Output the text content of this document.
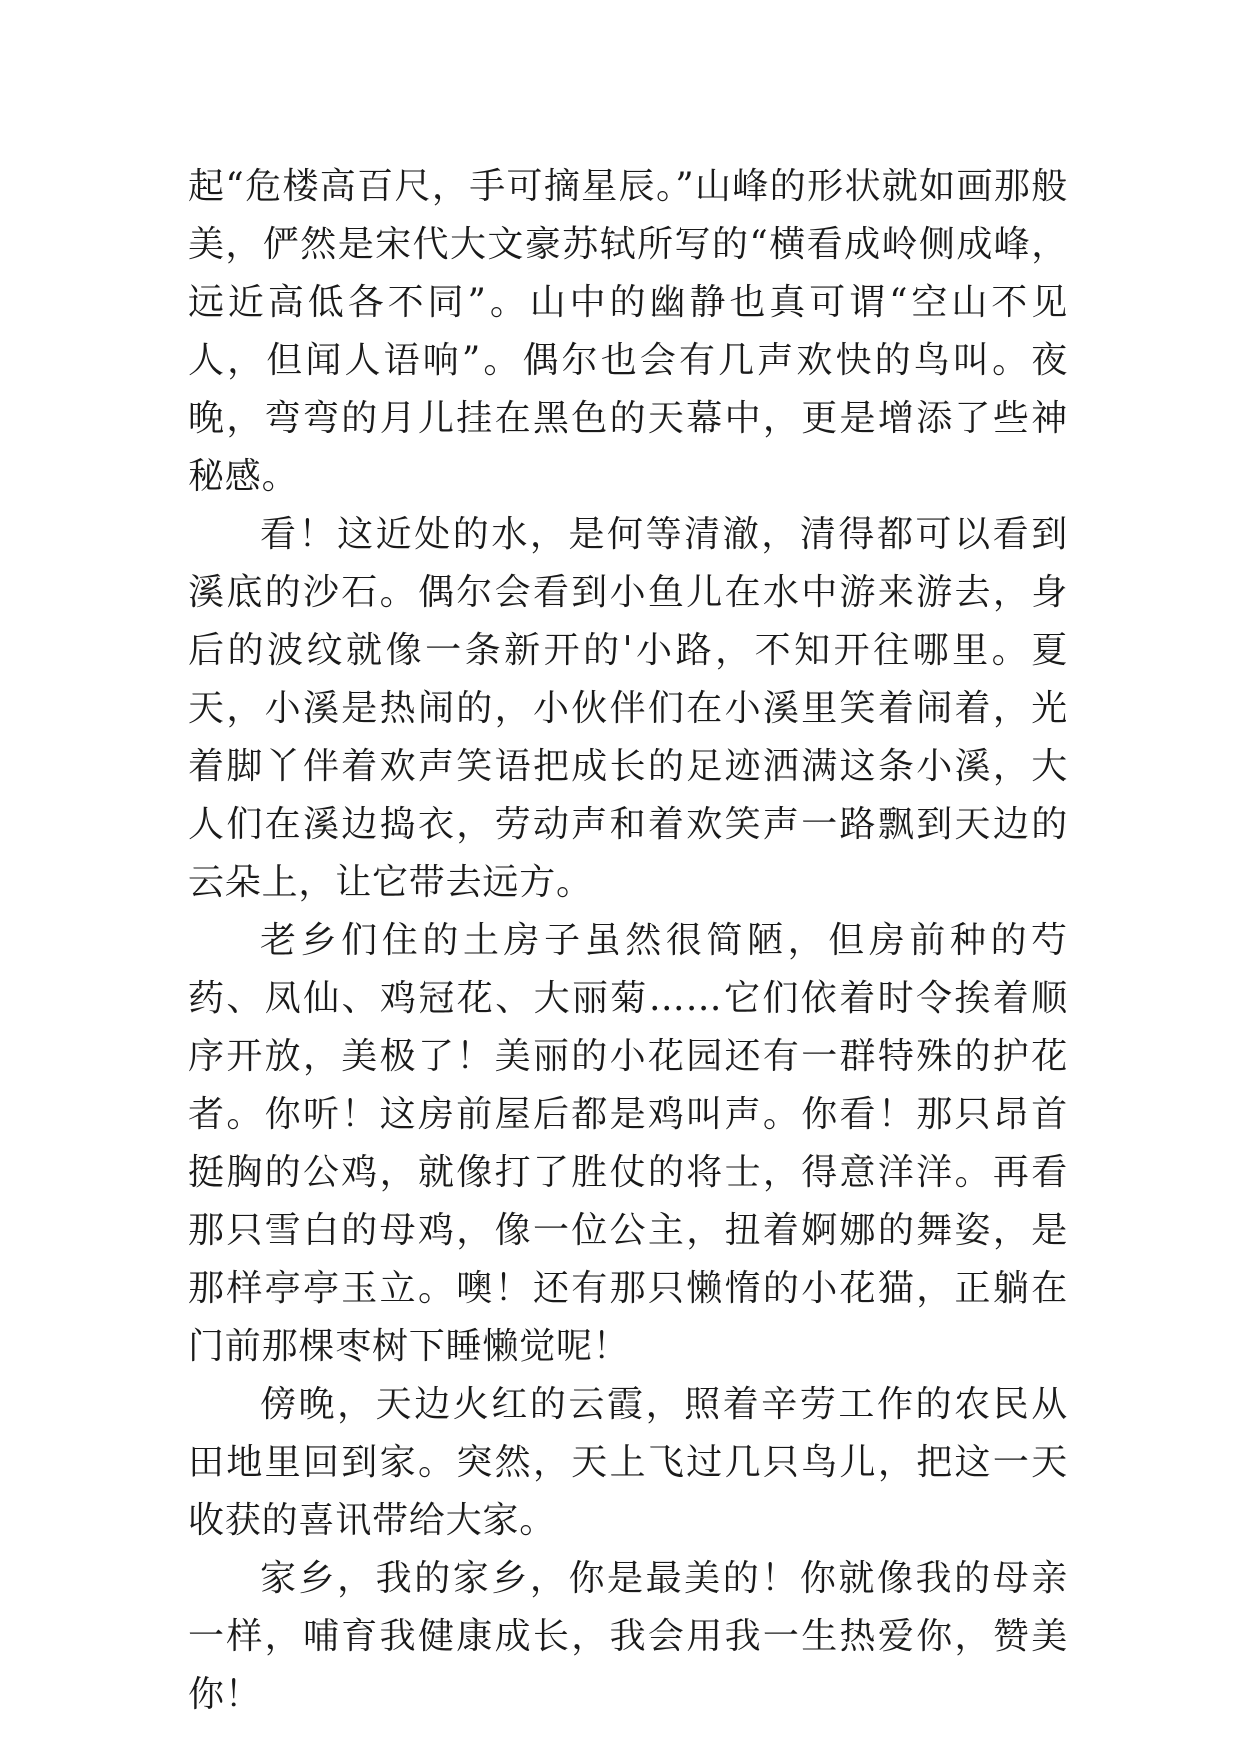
起“危楼高百尺，手可摘星辰。”山峰的形状就如画那般美，俨然是宋代大文豪苏轼所写的“横看成岭侧成峰，远近高低各不同”。山中的幽静也真可谓“空山不见人，但闻人语响”。偶尔也会有几声欢快的鸟叫。夜晚，弯弯的月儿挂在黑色的天幕中，更是增添了些神秘感。

看！这近处的水，是何等清澈，清得都可以看到溪底的沙石。偶尔会看到小鱼儿在水中游来游去，身后的波纹就像一条新开的'小路，不知开往哪里。夏天，小溪是热闹的，小伙伴们在小溪里笑着闹着，光着脚丫伴着欢声笑语把成长的足迹洒满这条小溪，大人们在溪边捣衣，劳动声和着欢笑声一路飘到天边的云朵上，让它带去远方。

老乡们住的土房子虽然很简陋，但房前种的芍药、凤仙、鸡冠花、大丽菊……它们依着时令挨着顺序开放，美极了！美丽的小花园还有一群特殊的护花者。你听！这房前屋后都是鸡叫声。你看！那只昂首挺胸的公鸡，就像打了胜仗的将士，得意洋洋。再看那只雪白的母鸡，像一位公主，扭着婀娜的舞姿，是那样亭亭玉立。噢！还有那只懒惰的小花猫，正躺在门前那棵枣树下睡懒觉呢！

傍晚，天边火红的云霞，照着辛劳工作的农民从田地里回到家。突然，天上飞过几只鸟儿，把这一天收获的喜讯带给大家。

家乡，我的家乡，你是最美的！你就像我的母亲一样，哺育我健康成长，我会用我一生热爱你，赞美你！
